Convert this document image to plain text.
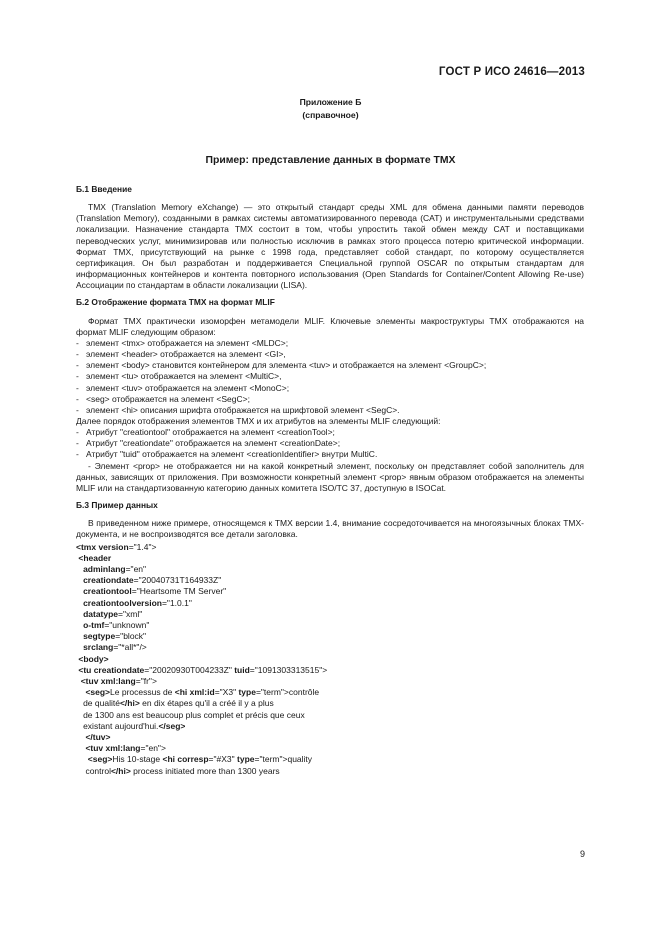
ГОСТ Р ИСО 24616—2013
Приложение Б
(справочное)
Пример: представление данных в формате TMX
Б.1 Введение

TMX (Translation Memory eXchange) — это открытый стандарт среды XML для обмена данными памяти переводов (Translation Memory), созданными в рамках системы автоматизированного перевода (CAT) и инструментальными средствами локализации. Назначение стандарта TMX состоит в том, чтобы упростить такой обмен между CAT и поставщиками переводческих услуг, минимизировав или полностью исключив в рамках этого процесса потерю критической информации. Формат TMX, присутствующий на рынке с 1998 года, представляет собой стандарт, по которому осуществляется сертификация. Он был разработан и поддерживается Специальной группой OSCAR по открытым стандартам для информационных контейнеров и контента повторного использования (Open Standards for Container/Content Allowing Re-use) Ассоциации по стандартам в области локализации (LISA).

Б.2 Отображение формата TMX на формат MLIF

Формат TMX практически изоморфен метамодели MLIF. Ключевые элементы макроструктуры TMX отображаются на формат MLIF следующим образом:

- элемент <tmx> отображается на элемент <MLDC>;
- элемент <header> отображается на элемент <GI>,
- элемент <body> становится контейнером для элемента <tuv> и отображается на элемент <GroupC>;
- элемент <tu> отображается на элемент <MultiC>,
- элемент <tuv> отображается на элемент <MonoC>;
- <seg> отображается на элемент <SegC>;
- элемент <hi> описания шрифта отображается на шрифтовой элемент <SegC>.

Далее порядок отображения элементов TMX и их атрибутов на элементы MLIF следующий:

- Атрибут "creationtool" отображается на элемент <creationTool>;
- Атрибут "creationdate" отображается на элемент <creationDate>;
- Атрибут "tuid" отображается на элемент <creationIdentifier> внутри MultiC.

- Элемент <prop> не отображается ни на какой конкретный элемент, поскольку он представляет собой заполнитель для данных, зависящих от приложения. При возможности конкретный элемент <prop> явным образом отображается на элементы MLIF или на стандартизованную категорию данных комитета ISO/TC 37, доступную в ISOCat.

Б.3 Пример данных

В приведенном ниже примере, относящемся к TMX версии 1.4, внимание сосредоточивается на многоязычных блоках TMX-документа, и не воспроизводятся все детали заголовка.

<tmx version="1.4">
<header
adminlang="en"
creationdate="20040731T164933Z"
creationtool="Heartsome TM Server"
creationtoolversion="1.0.1"
datatype="xml"
o-tmf="unknown"
segtype="block"
srclang="*all*"/>
<body>
<tu creationdate="20020930T004233Z" tuid="1091303313515">
<tuv xml:lang="fr">
<seg>Le processus de <hi xml:id="X3" type="term">contrôle
de qualité</hi> en dix étapes qu'il a créé il y a plus
de 1300 ans est beaucoup plus complet et précis que ceux
existant aujourd'hui.</seg>
</tuv>
<tuv xml:lang="en">
<seg>His 10-stage <hi corresp="#X3" type="term">quality
control</hi> process initiated more than 1300 years
9
